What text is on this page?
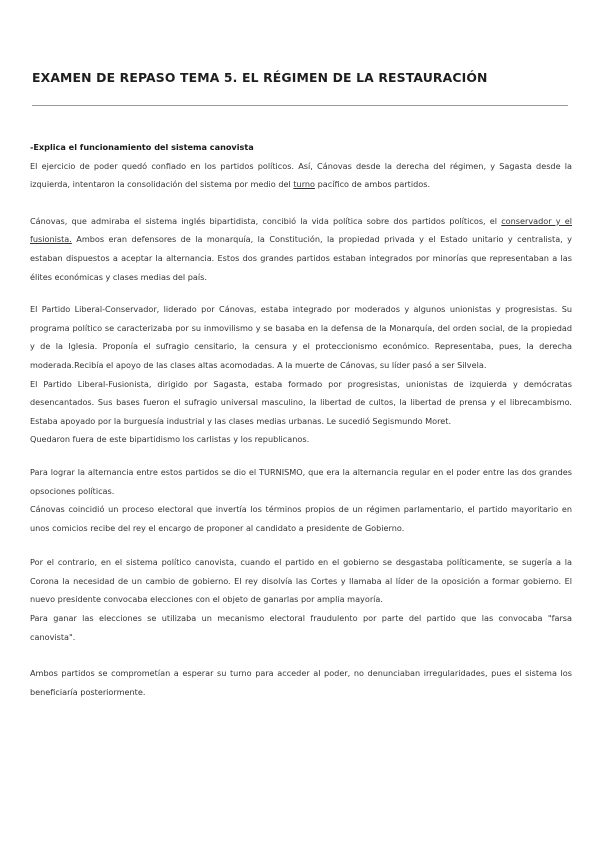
EXAMEN DE REPASO TEMA 5. EL RÉGIMEN DE LA RESTAURACIÓN

-Explica el funcionamiento del sistema canovista

El ejercicio de poder quedó confiado en los partidos políticos. Así, Cánovas desde la derecha del régimen, y Sagasta desde la izquierda, intentaron la consolidación del sistema por medio del turno pacífico de ambos partidos.

Cánovas, que admiraba el sistema inglés bipartidista, concibió la vida política sobre dos partidos políticos, el conservador y el fusionista. Ambos eran defensores de la monarquía, la Constitución, la propiedad privada y el Estado unitario y centralista, y estaban dispuestos a aceptar la alternancia. Estos dos grandes partidos estaban integrados por minorías que representaban a las élites económicas y clases medias del país.

El Partido Liberal-Conservador, liderado por Cánovas, estaba integrado por moderados y algunos unionistas y progresistas. Su programa político se caracterizaba por su inmovilismo y se basaba en la defensa de la Monarquía, del orden social, de la propiedad y de la Iglesia. Proponía el sufragio censitario, la censura y el proteccionismo económico. Representaba, pues, la derecha moderada.Recibía el apoyo de las clases altas acomodadas. A la muerte de Cánovas, su líder pasó a ser Silvela.

El Partido Liberal-Fusionista, dirigido por Sagasta, estaba formado por progresistas, unionistas de izquierda y demócratas desencantados. Sus bases fueron el sufragio universal masculino, la libertad de cultos, la libertad de prensa y el librecambismo. Estaba apoyado por la burguesía industrial y las clases medias urbanas. Le sucedió Segismundo Moret.

Quedaron fuera de este bipartidismo los carlistas y los republicanos.

Para lograr la alternancia entre estos partidos se dio el TURNISMO, que era la alternancia regular en el poder entre las dos grandes opsociones políticas.

Cánovas coincidió un proceso electoral que invertía los términos propios de un régimen parlamentario, el partido mayoritario en unos comicios recibe del rey el encargo de proponer al candidato a presidente de Gobierno.

Por el contrario, en el sistema político canovista, cuando el partido en el gobierno se desgastaba políticamente, se sugería a la Corona la necesidad de un cambio de gobierno. El rey disolvía las Cortes y llamaba al líder de la oposición a formar gobierno. El nuevo presidente convocaba elecciones con el objeto de ganarlas por amplia mayoría.

Para ganar las elecciones se utilizaba un mecanismo electoral fraudulento por parte del partido que las convocaba "farsa canovista".

Ambos partidos se comprometían a esperar su turno para acceder al poder, no denunciaban irregularidades, pues el sistema los beneficiaría posteriormente.
